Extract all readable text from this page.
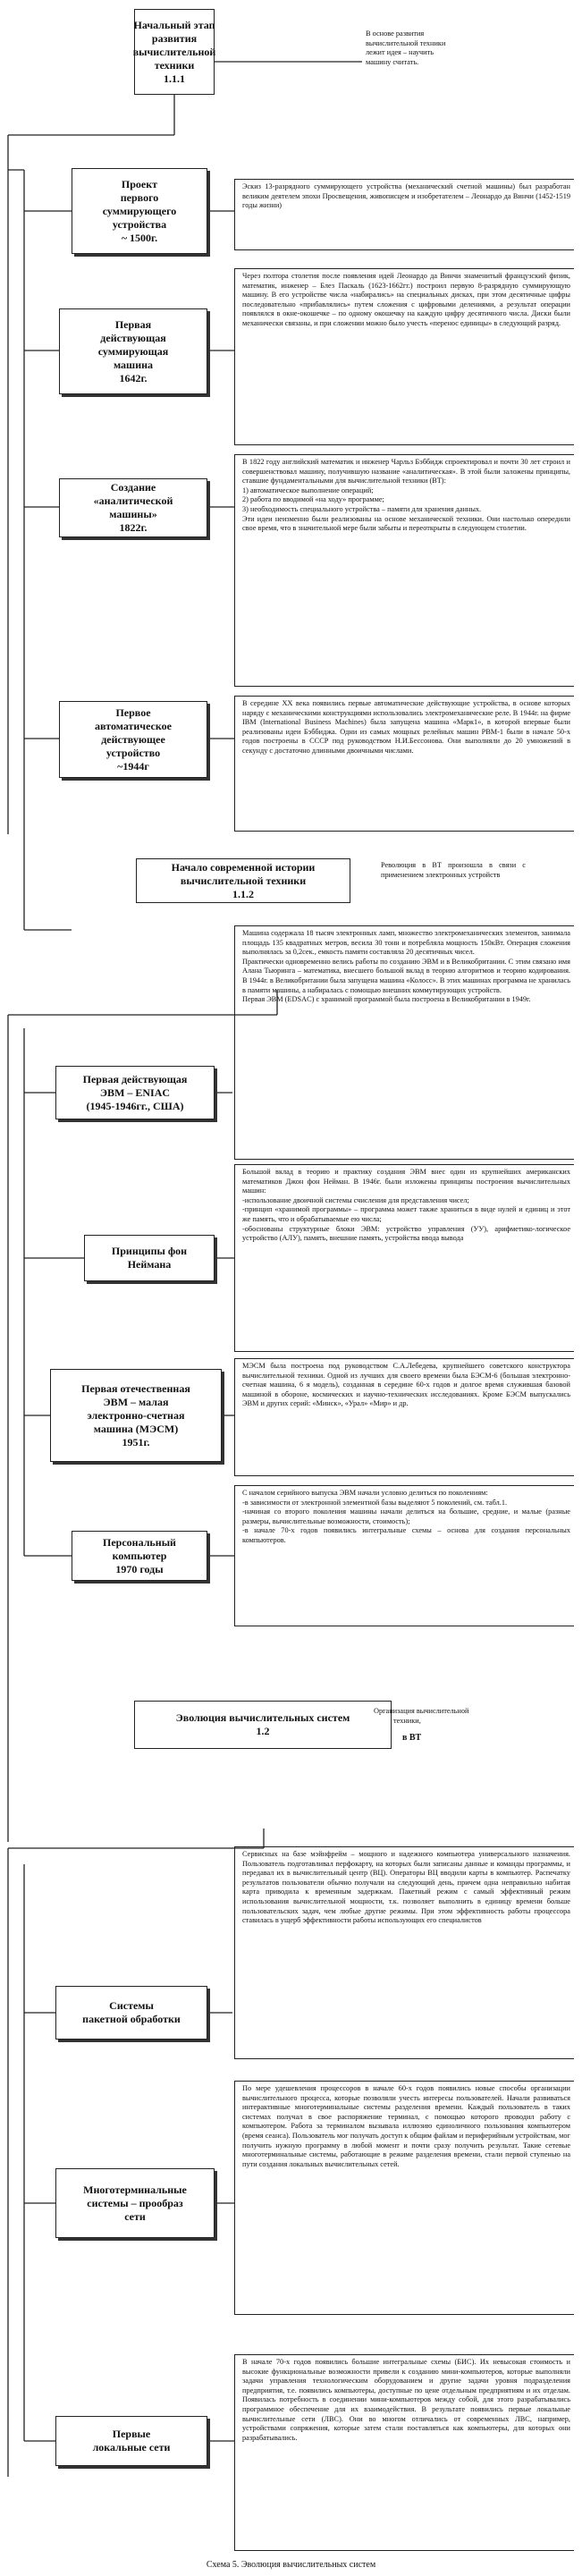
Начальный этап
развития
вычислительной
техники
1.1.1
Проект
первого
суммирующего
устройства
~ 1500г.
Первая
действующая
суммирующая
машина
1642г.
Создание
«аналитической
машины»
1822г.
Первое
автоматическое
действующее
устройство
~1944г
Начало современной истории
вычислительной техники
1.1.2
Первая действующая
ЭВМ – ENIAC
(1945-1946гг., США)
Принципы фон
Неймана
Первая отечественная
ЭВМ – малая
электронно-счетная
машина (МЭСМ)
1951г.
Персональный
компьютер
1970 годы
Эволюция вычислительных систем
1.2
Системы
пакетной обработки
Многотерминальные
системы – прообраз
сети
Первые
локальные сети
В основе развития
вычислительной техники
лежит идея – научить
машину считать.
Эскиз 13-разрядного суммирующего устройства (механический счетной машины) был разработан великим деятелем эпохи Просвещения, живописцем и изобретателем – Леонардо да Винчи (1452-1519 годы жизни)
Через полтора столетия после появления идей Леонардо да Винчи знаменитый французский физик, математик, инженер – Блез Паскаль (1623-1662гг.) построил первую 8-разрядную суммирующую машину. В его устройстве числа «набирались» на специальных дисках, при этом десятичные цифры последовательно «прибавлялись» путем сложения с цифровыми делениями, а результат операции появлялся в окне-окошечке – по одному окошечку на каждую цифру десятичного числа. Диски были механически связаны, и при сложении можно было учесть «перенос единицы» в следующий разряд.
В 1822 году английский математик и инженер Чарльз Бэббидж спроектировал и почти 30 лет строил и совершенствовал машину, получившую название «аналитическая». В этой были заложены принципы, ставшие фундаментальными для вычислительной техники (ВТ):
1) автоматическое выполнение операций;
2) работа по вводимой «на ходу» программе;
3) необходимость специального устройства – памяти для хранения данных.
Эти идеи неизменно были реализованы на основе механической техники. Они настолько опередили свое время, что в значительной мере были забыты и переоткрыты в следующем столетии.
В середине XX века появились первые автоматические действующие устройства, в основе которых наряду с механическими конструкциями использовались электромеханические реле. В 1944г. на фирме IBM (International Business Machines) была запущена машина «Марк1», в которой впервые были реализованы идеи Бэббиджа. Одни из самых мощных релейных машин РВМ-1 были в начале 50-х годов построены в СССР под руководством Н.И.Бессонова. Они выполняли до 20 умножений в секунду с достаточно длинными двоичными числами.
Революция в ВТ произошла в связи с применением электронных устройств
Машина содержала 18 тысяч электронных ламп, множество электромеханических элементов, занимала площадь 135 квадратных метров, весила 30 тонн и потребляла мощность 150кВт. Операция сложения выполнялась за 0,2сек., емкость памяти составляла 20 десятичных чисел.
Практически одновременно велись работы по созданию ЭВМ и в Великобритании. С этим связано имя Алана Тьюринга – математика, внесшего большой вклад в теорию алгоритмов и теорию кодирования. В 1944г. в Великобритании была запущена машина «Колосс». В этих машинах программа не хранилась в памяти машины, а набиралась с помощью внешних коммутирующих устройств.
Первая ЭВМ (EDSAC) с хранимой программой была построена в Великобритании в 1949г.
Большой вклад в теорию и практику создания ЭВМ внес один из крупнейших американских математиков Джон фон Нейман. В 1946г. были изложены принципы построения вычислительных машин:
-использование двоичной системы счисления для представления чисел;
-принцип «хранимой программы» – программа может также храниться в виде нулей и единиц и этот же память, что и обрабатываемые ею числа;
-обоснованы структурные блоки ЭВМ: устройство управления (УУ), арифметико-логическое устройство (АЛУ), память, внешние память, устройства ввода вывода
МЭСМ была построена под руководством С.А.Лебедева, крупнейшего советского конструктора вычислительной техники. Одной из лучших для своего времени была БЭСМ-6 (большая электронно-счетная машина, 6 я модель), созданная в середине 60-х годов и долгое время служившая базовой машиной в обороне, космических и научно-технических исследованиях. Кроме БЭСМ выпускались ЭВМ и других серий: «Минск», «Урал» «Мир» и др.
С началом серийного выпуска ЭВМ начали условно делиться по поколениям:
-в зависимости от электронной элементной базы выделяют 5 поколений, см. табл.1.
-начиная со второго поколения машины начали делиться на большие, средние, и малые (разные размеры, вычислительные возможности, стоимость);
-в начале 70-х годов появились интегральные схемы – основа для создания персональных компьютеров.
Сервисных на базе мэйнфрейм – мощного и надежного компьютера универсального назначения. Пользователь подготавливал перфокарту, на которых были записаны данные и команды программы, и передавал их в вычислительный центр (ВЦ). Операторы ВЦ вводили карты в компьютер. Распечатку результатов пользователи обычно получали на следующий день, причем одна неправильно набитая карта приводила к временным задержкам. Пакетный режим с самый эффективный режим использования вычислительной мощности, т.к. позволяет выполнить в единицу времени больше пользовательских задач, чем любые другие режимы. При этом эффективность работы процессора ставилась в ущерб эффективности работы использующих его специалистов
По мере удешевления процессоров в начале 60-х годов появились новые способы организации вычислительного процесса, которые позволяли учесть интересы пользователей. Начали развиваться интерактивные многотерминальные системы разделения времени. Каждый пользователь в таких системах получал в свое распоряжение терминал, с помощью которого проводил работу с компьютером. Работа за терминалом вызывала иллюзию единоличного пользования компьютером (время сеанса). Пользователь мог получать доступ к общим файлам и периферийным устройствам, мог получить нужную программу в любой момент и почти сразу получить результат. Такие сетевые многотерминальные системы, работающие в режиме разделения времени, стали первой ступенью на пути создания локальных вычислительных сетей.
В начале 70-х годов появились большие интегральные схемы (БИС). Их невысокая стоимость и высокие функциональные возможности привели к созданию мини-компьютеров, которые выполняли задачи управления технологическим оборудованием и другие задачи уровня подразделения предприятия, т.е. появились компьютеры, доступные по цене отдельным предприятиям и их отделам. Появилась потребность в соединении мини-компьютеров между собой, для этого разрабатывались программное обеспечение для их взаимодействия. В результате появились первые локальные вычислительные сети (ЛВС). Они во многом отличались от современных ЛВС, например, устройствами сопряжения, которые затем стали поставляться как компьютеры, для которых они разрабатывались.
Организация вычислительной
техники,
в ВТ
Схема 5. Эволюция вычислительных систем
